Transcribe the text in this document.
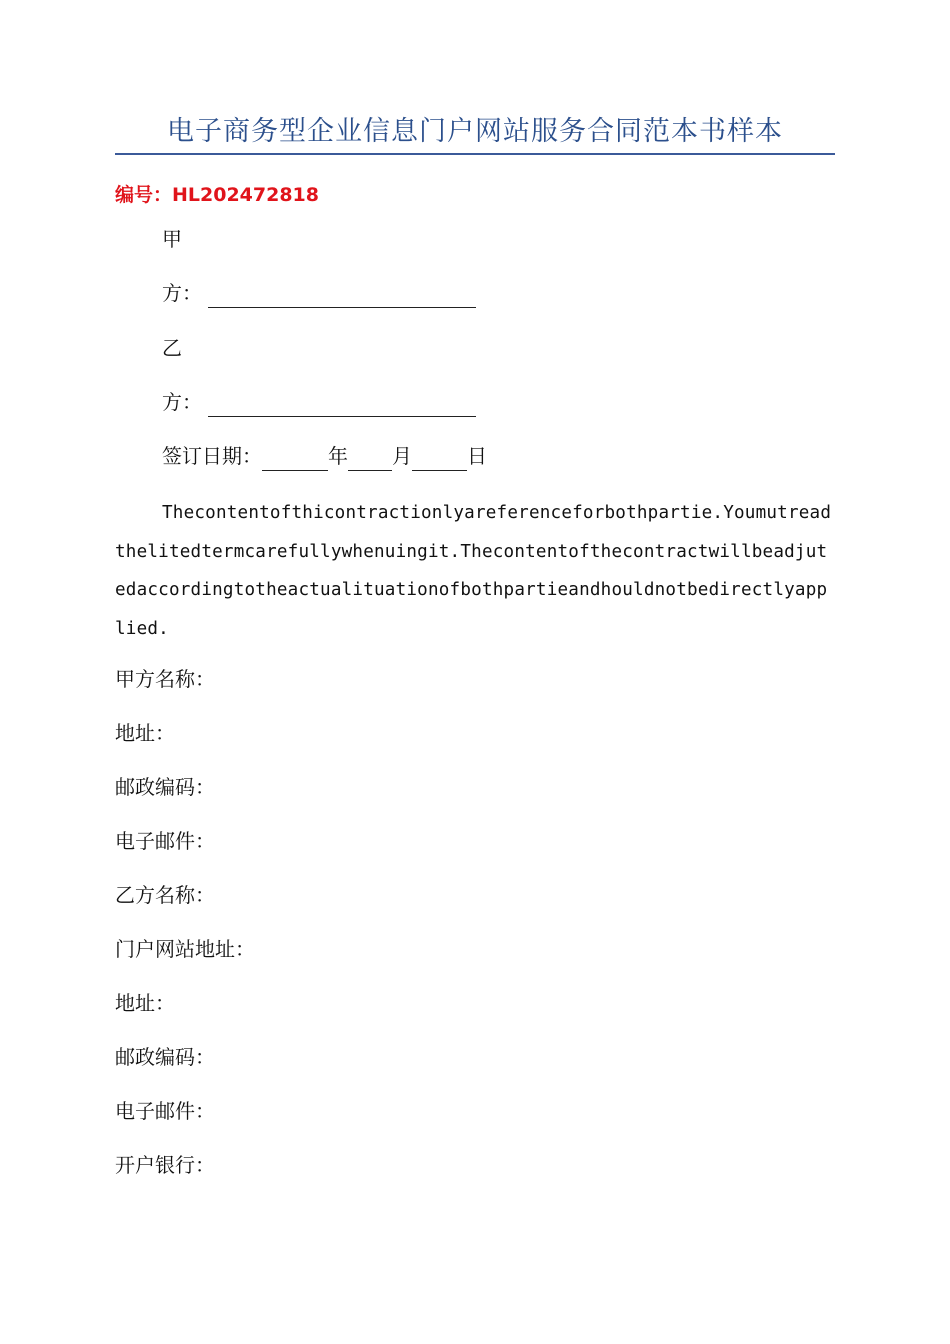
电子商务型企业信息门户网站服务合同范本书样本
编号：HL202472818
甲
方：
乙
方：
签订日期：	年 月	日
Thecontentofthicontractionlyareferenceforbothpartie.Youmutreadthelitedtermcarefullywhenuingit.Thecontentofthecontractwillbeadjutedaccordingtotheactualituationofbothpartieandhouldnotbedirectlyapplied.
甲方名称：
地址：
邮政编码：
电子邮件：
乙方名称：
门户网站地址：
地址：
邮政编码：
电子邮件：
开户银行：
